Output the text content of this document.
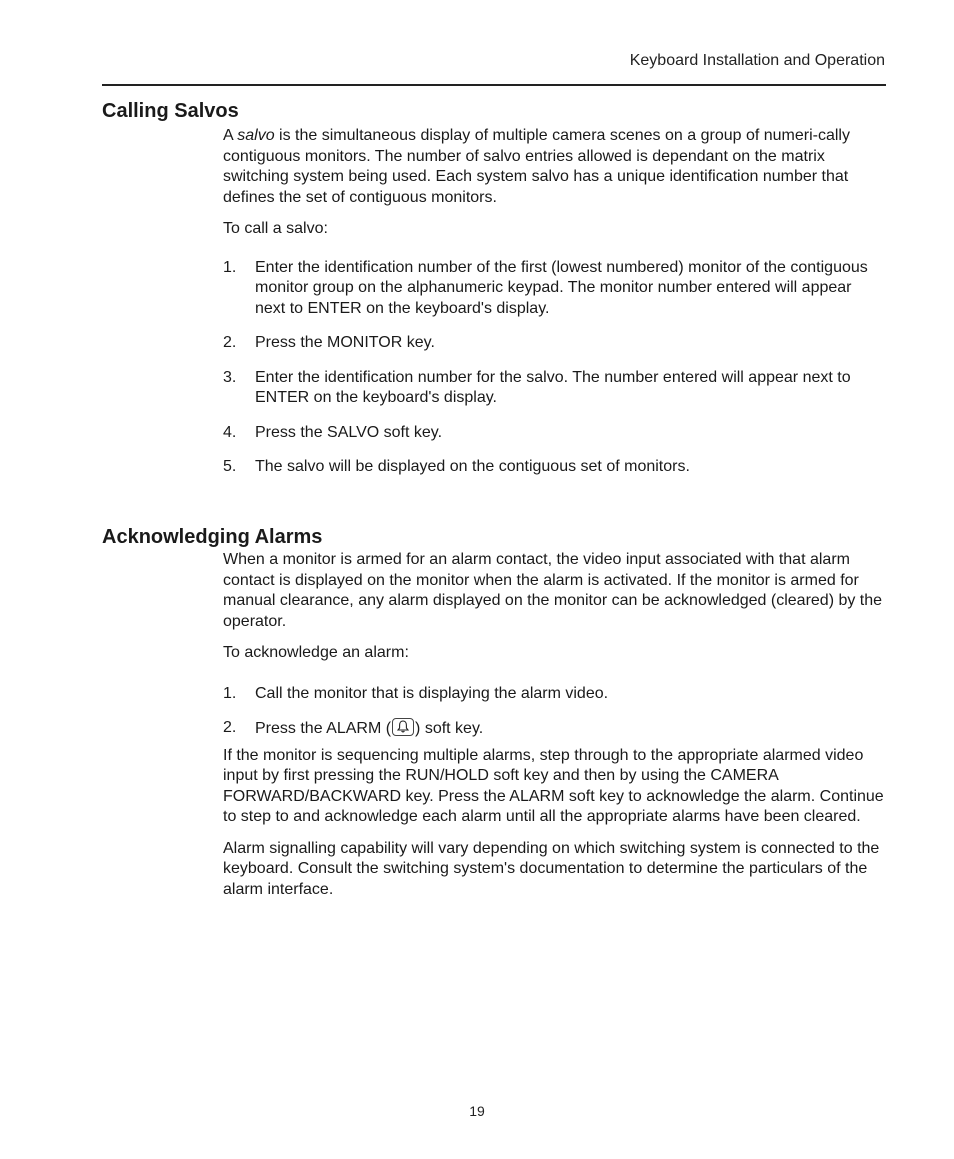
Keyboard Installation and Operation
Calling Salvos

A salvo is the simultaneous display of multiple camera scenes on a group of numeri-cally contiguous monitors. The number of salvo entries allowed is dependant on the matrix switching system being used. Each system salvo has a unique identification number that defines the set of contiguous monitors.

To call a salvo:

1.	Enter the identification number of the first (lowest numbered) monitor of the contiguous monitor group on the alphanumeric keypad. The monitor number entered will appear next to ENTER on the keyboard's display.
2.	Press the MONITOR key.
3.	Enter the identification number for the salvo. The number entered will appear next to ENTER on the keyboard's display.
4.	Press the SALVO soft key.
5.	The salvo will be displayed on the contiguous set of monitors.
Acknowledging Alarms

When a monitor is armed for an alarm contact, the video input associated with that alarm contact is displayed on the monitor when the alarm is activated. If the monitor is armed for manual clearance, any alarm displayed on the monitor can be acknowledged (cleared) by the operator.

To acknowledge an alarm:

1.	Call the monitor that is displaying the alarm video.
2.	Press the ALARM ( ) soft key.

If the monitor is sequencing multiple alarms, step through to the appropriate alarmed video input by first pressing the RUN/HOLD soft key and then by using the CAMERA FORWARD/BACKWARD key. Press the ALARM soft key to acknowledge the alarm. Continue to step to and acknowledge each alarm until all the appropriate alarms have been cleared.

Alarm signalling capability will vary depending on which switching system is connected to the keyboard. Consult the switching system's documentation to determine the particulars of the alarm interface.

19
